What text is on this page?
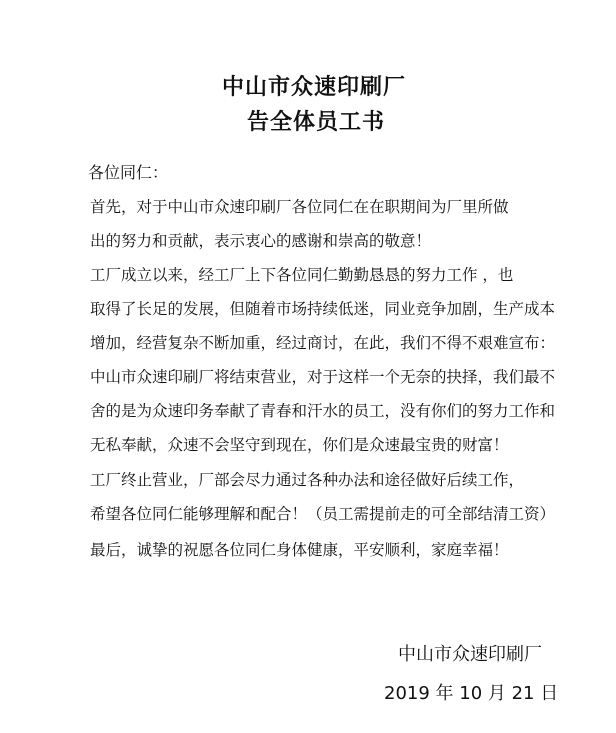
中山市众速印刷厂
告全体员工书
各位同仁：
首先，对于中山市众速印刷厂各位同仁在在职期间为厂里所做
出的努力和贡献，表示衷心的感谢和崇高的敬意！
工厂成立以来，经工厂上下各位同仁勤勤恳恳的努力工作 ，也
取得了长足的发展，但随着市场持续低迷，同业竞争加剧，生产成本
增加，经营复杂不断加重，经过商讨，在此，我们不得不艰难宣布：
中山市众速印刷厂将结束营业，对于这样一个无奈的抉择，我们最不
舍的是为众速印务奉献了青春和汗水的员工，没有你们的努力工作和
无私奉献，众速不会坚守到现在，你们是众速最宝贵的财富！
工厂终止营业，厂部会尽力通过各种办法和途径做好后续工作，
希望各位同仁能够理解和配合！（员工需提前走的可全部结清工资）
最后，诚挚的祝愿各位同仁身体健康，平安顺利，家庭幸福！
中山市众速印刷厂
2019 年 10 月 21 日
